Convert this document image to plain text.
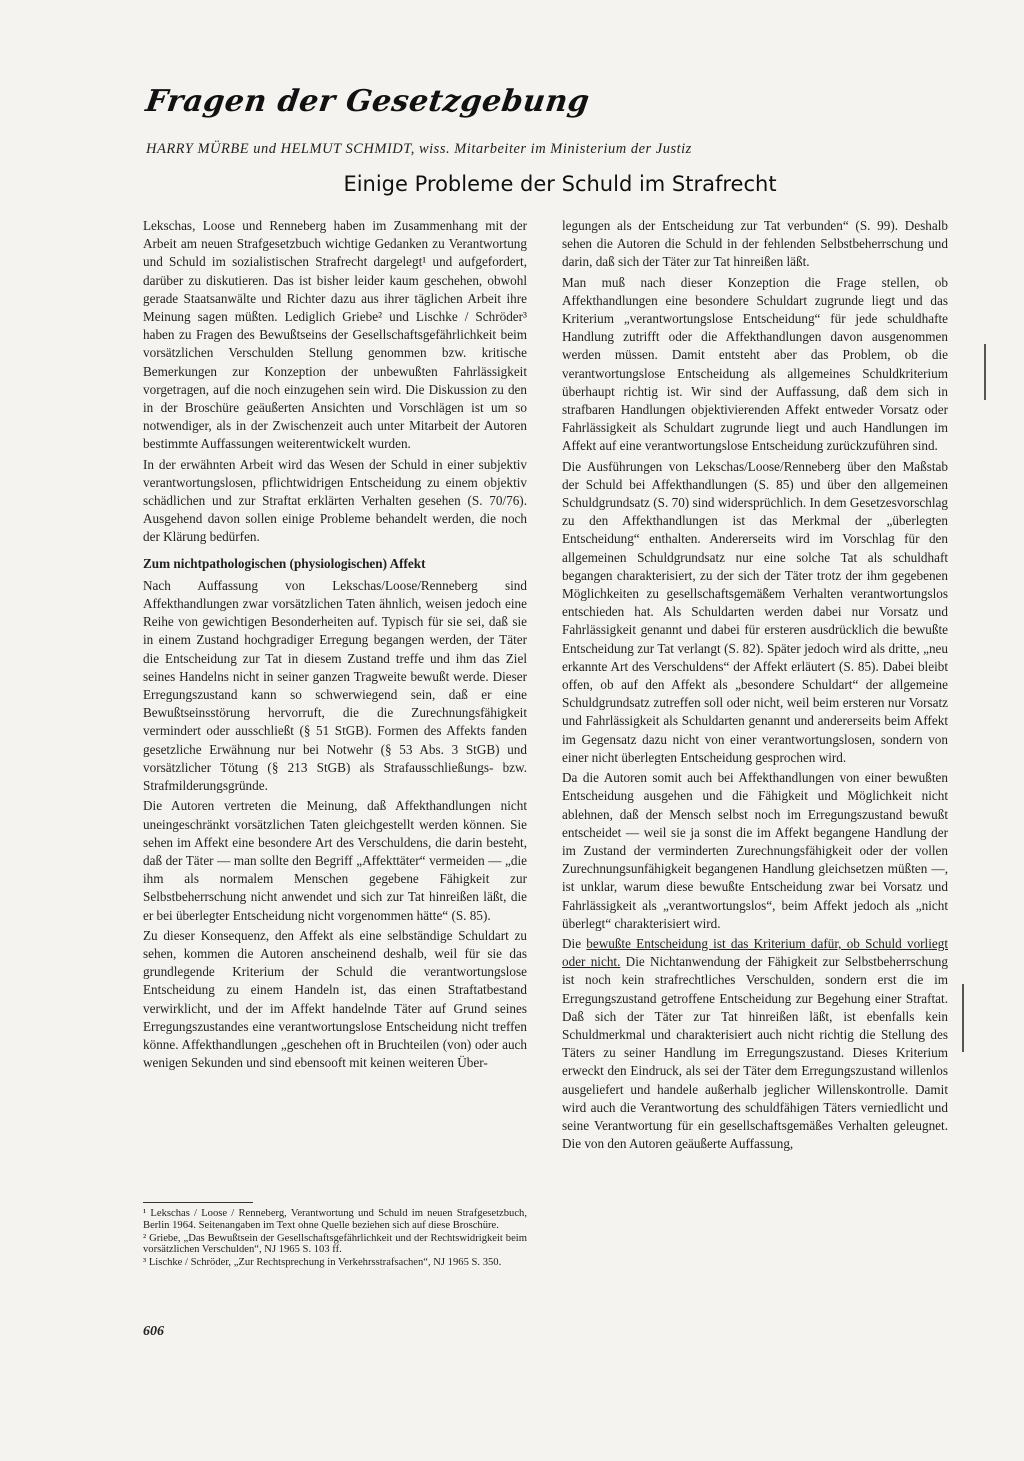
Fragen der Gesetzgebung
HARRY MÜRBE und HELMUT SCHMIDT, wiss. Mitarbeiter im Ministerium der Justiz
Einige Probleme der Schuld im Strafrecht

Lekschas, Loose und Renneberg haben im Zusammenhang mit der Arbeit am neuen Strafgesetzbuch wichtige Gedanken zu Verantwortung und Schuld im sozialistischen Strafrecht dargelegt¹ und aufgefordert, darüber zu diskutieren. Das ist bisher leider kaum geschehen, obwohl gerade Staatsanwälte und Richter dazu aus ihrer täglichen Arbeit ihre Meinung sagen müßten. Lediglich Griebe² und Lischke / Schröder³ haben zu Fragen des Bewußtseins der Gesellschaftsgefährlichkeit beim vorsätzlichen Verschulden Stellung genommen bzw. kritische Bemerkungen zur Konzeption der unbewußten Fahrlässigkeit vorgetragen, auf die noch einzugehen sein wird. Die Diskussion zu den in der Broschüre geäußerten Ansichten und Vorschlägen ist um so notwendiger, als in der Zwischenzeit auch unter Mitarbeit der Autoren bestimmte Auffassungen weiterentwickelt wurden.

In der erwähnten Arbeit wird das Wesen der Schuld in einer subjektiv verantwortungslosen, pflichtwidrigen Entscheidung zu einem objektiv schädlichen und zur Straftat erklärten Verhalten gesehen (S. 70/76). Ausgehend davon sollen einige Probleme behandelt werden, die noch der Klärung bedürfen.

Zum nichtpathologischen (physiologischen) Affekt

Nach Auffassung von Lekschas/Loose/Renneberg sind Affekthandlungen zwar vorsätzlichen Taten ähnlich, weisen jedoch eine Reihe von gewichtigen Besonderheiten auf. Typisch für sie sei, daß sie in einem Zustand hochgradiger Erregung begangen werden, der Täter die Entscheidung zur Tat in diesem Zustand treffe und ihm das Ziel seines Handelns nicht in seiner ganzen Tragweite bewußt werde. Dieser Erregungszustand kann so schwerwiegend sein, daß er eine Bewußtseinsstörung hervorruft, die die Zurechnungsfähigkeit vermindert oder ausschließt (§ 51 StGB). Formen des Affekts fanden gesetzliche Erwähnung nur bei Notwehr (§ 53 Abs. 3 StGB) und vorsätzlicher Tötung (§ 213 StGB) als Strafausschließungs- bzw. Strafmilderungsgründe.

Die Autoren vertreten die Meinung, daß Affekthandlungen nicht uneingeschränkt vorsätzlichen Taten gleichgestellt werden können. Sie sehen im Affekt eine besondere Art des Verschuldens, die darin besteht, daß der Täter — man sollte den Begriff „Affekttäter“ vermeiden — „die ihm als normalem Menschen gegebene Fähigkeit zur Selbstbeherrschung nicht anwendet und sich zur Tat hinreißen läßt, die er bei überlegter Entscheidung nicht vorgenommen hätte“ (S. 85).

Zu dieser Konsequenz, den Affekt als eine selbständige Schuldart zu sehen, kommen die Autoren anscheinend deshalb, weil für sie das grundlegende Kriterium der Schuld die verantwortungslose Entscheidung zu einem Handeln ist, das einen Straftatbestand verwirklicht, und der im Affekt handelnde Täter auf Grund seines Erregungszustandes eine verantwortungslose Entscheidung nicht treffen könne. Affekthandlungen „geschehen oft in Bruchteilen (von) oder auch wenigen Sekunden und sind ebensooft mit keinen weiteren Über-

¹ Lekschas / Loose / Renneberg, Verantwortung und Schuld im neuen Strafgesetzbuch, Berlin 1964. Seitenangaben im Text ohne Quelle beziehen sich auf diese Broschüre.

² Griebe, „Das Bewußtsein der Gesellschaftsgefährlichkeit und der Rechtswidrigkeit beim vorsätzlichen Verschulden“, NJ 1965 S. 103 ff.

³ Lischke / Schröder, „Zur Rechtsprechung in Verkehrsstrafsachen“, NJ 1965 S. 350.

606

legungen als der Entscheidung zur Tat verbunden“ (S. 99). Deshalb sehen die Autoren die Schuld in der fehlenden Selbstbeherrschung und darin, daß sich der Täter zur Tat hinreißen läßt.

Man muß nach dieser Konzeption die Frage stellen, ob Affekthandlungen eine besondere Schuldart zugrunde liegt und das Kriterium „verantwortungslose Entscheidung“ für jede schuldhafte Handlung zutrifft oder die Affekthandlungen davon ausgenommen werden müssen. Damit entsteht aber das Problem, ob die verantwortungslose Entscheidung als allgemeines Schuldkriterium überhaupt richtig ist. Wir sind der Auffassung, daß dem sich in strafbaren Handlungen objektivierenden Affekt entweder Vorsatz oder Fahrlässigkeit als Schuldart zugrunde liegt und auch Handlungen im Affekt auf eine verantwortungslose Entscheidung zurückzuführen sind.

Die Ausführungen von Lekschas/Loose/Renneberg über den Maßstab der Schuld bei Affekthandlungen (S. 85) und über den allgemeinen Schuldgrundsatz (S. 70) sind widersprüchlich. In dem Gesetzesvorschlag zu den Affekthandlungen ist das Merkmal der „überlegten Entscheidung“ enthalten. Andererseits wird im Vorschlag für den allgemeinen Schuldgrundsatz nur eine solche Tat als schuldhaft begangen charakterisiert, zu der sich der Täter trotz der ihm gegebenen Möglichkeiten zu gesellschaftsgemäßem Verhalten verantwortungslos entschieden hat. Als Schuldarten werden dabei nur Vorsatz und Fahrlässigkeit genannt und dabei für ersteren ausdrücklich die bewußte Entscheidung zur Tat verlangt (S. 82). Später jedoch wird als dritte, „neu erkannte Art des Verschuldens“ der Affekt erläutert (S. 85). Dabei bleibt offen, ob auf den Affekt als „besondere Schuldart“ der allgemeine Schuldgrundsatz zutreffen soll oder nicht, weil beim ersteren nur Vorsatz und Fahrlässigkeit als Schuldarten genannt und andererseits beim Affekt im Gegensatz dazu nicht von einer verantwortungslosen, sondern von einer nicht überlegten Entscheidung gesprochen wird.

Da die Autoren somit auch bei Affekthandlungen von einer bewußten Entscheidung ausgehen und die Fähigkeit und Möglichkeit nicht ablehnen, daß der Mensch selbst noch im Erregungszustand bewußt entscheidet — weil sie ja sonst die im Affekt begangene Handlung der im Zustand der verminderten Zurechnungsfähigkeit oder der vollen Zurechnungsunfähigkeit begangenen Handlung gleichsetzen müßten —, ist unklar, warum diese bewußte Entscheidung zwar bei Vorsatz und Fahrlässigkeit als „verantwortungslos“, beim Affekt jedoch als „nicht überlegt“ charakterisiert wird.

Die bewußte Entscheidung ist das Kriterium dafür, ob Schuld vorliegt oder nicht. Die Nichtanwendung der Fähigkeit zur Selbstbeherrschung ist noch kein strafrechtliches Verschulden, sondern erst die im Erregungszustand getroffene Entscheidung zur Begehung einer Straftat. Daß sich der Täter zur Tat hinreißen läßt, ist ebenfalls kein Schuldmerkmal und charakterisiert auch nicht richtig die Stellung des Täters zu seiner Handlung im Erregungszustand. Dieses Kriterium erweckt den Eindruck, als sei der Täter dem Erregungszustand willenlos ausgeliefert und handele außerhalb jeglicher Willenskontrolle. Damit wird auch die Verantwortung des schuldfähigen Täters verniedlicht und seine Verantwortung für ein gesellschaftsgemäßes Verhalten geleugnet. Die von den Autoren geäußerte Auffassung,
